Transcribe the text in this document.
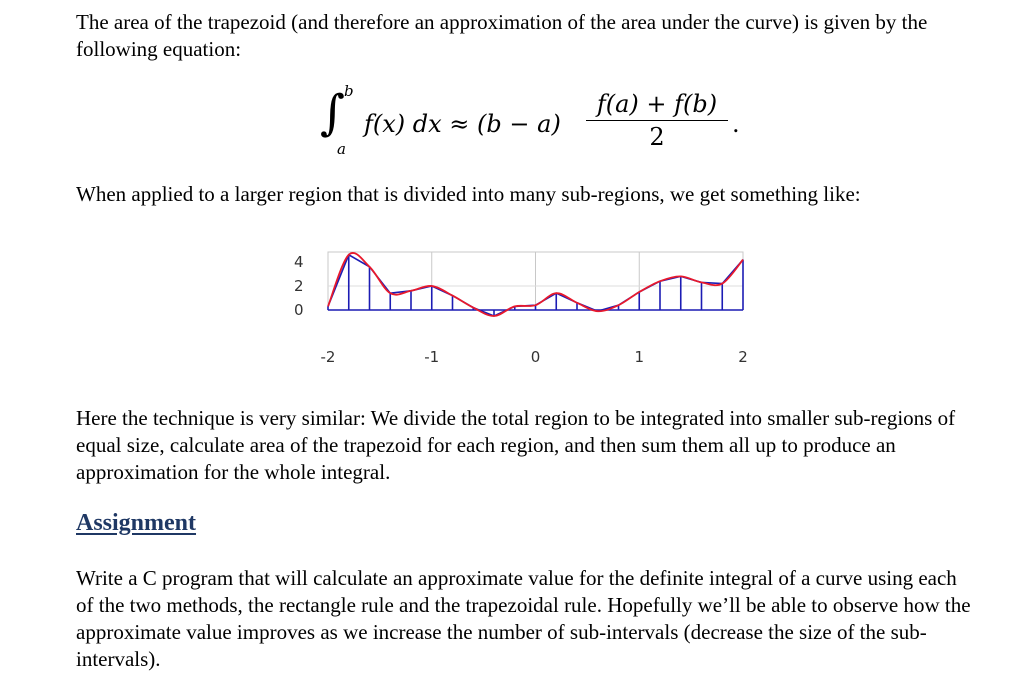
The area of the trapezoid (and therefore an approximation of the area under the curve) is given by the following equation:

∫
b
a
f(x) dx ≈ $(b - a) \frac{f(a) + f(b)}{2}$ .

When applied to a larger region that is divided into many sub-regions, we get something like:

-2	-1	0	1	2
4
2
0

Here the technique is very similar: We divide the total region to be integrated into smaller sub-regions of equal size, calculate area of the trapezoid for each region, and then sum them all up to produce an approximation for the whole integral.

Assignment

Write a C program that will calculate an approximate value for the definite integral of a curve using each of the two methods, the rectangle rule and the trapezoidal rule. Hopefully we’ll be able to observe how the approximate value improves as we increase the number of sub-intervals (decrease the size of the sub-intervals).
